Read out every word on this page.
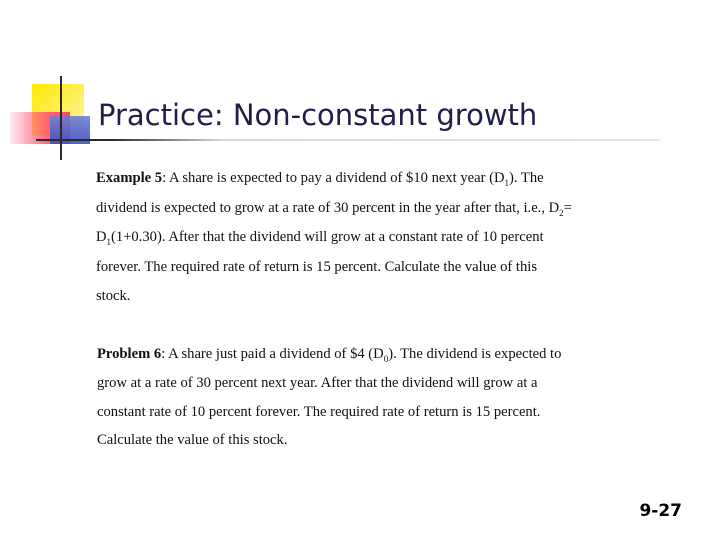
Practice: Non-constant growth
Example 5: A share is expected to pay a dividend of $10 next year $(D_1)$. The
dividend is expected to grow at a rate of 30 percent in the year after that, i.e., $D_2=$
$D_1(1+0.30)$. After that the dividend will grow at a constant rate of 10 percent
forever. The required rate of return is 15 percent. Calculate the value of this
stock.
Problem 6: A share just paid a dividend of $4 $(D_0)$. The dividend is expected to
grow at a rate of 30 percent next year. After that the dividend will grow at a
constant rate of 10 percent forever. The required rate of return is 15 percent.
Calculate the value of this stock.
9-27
